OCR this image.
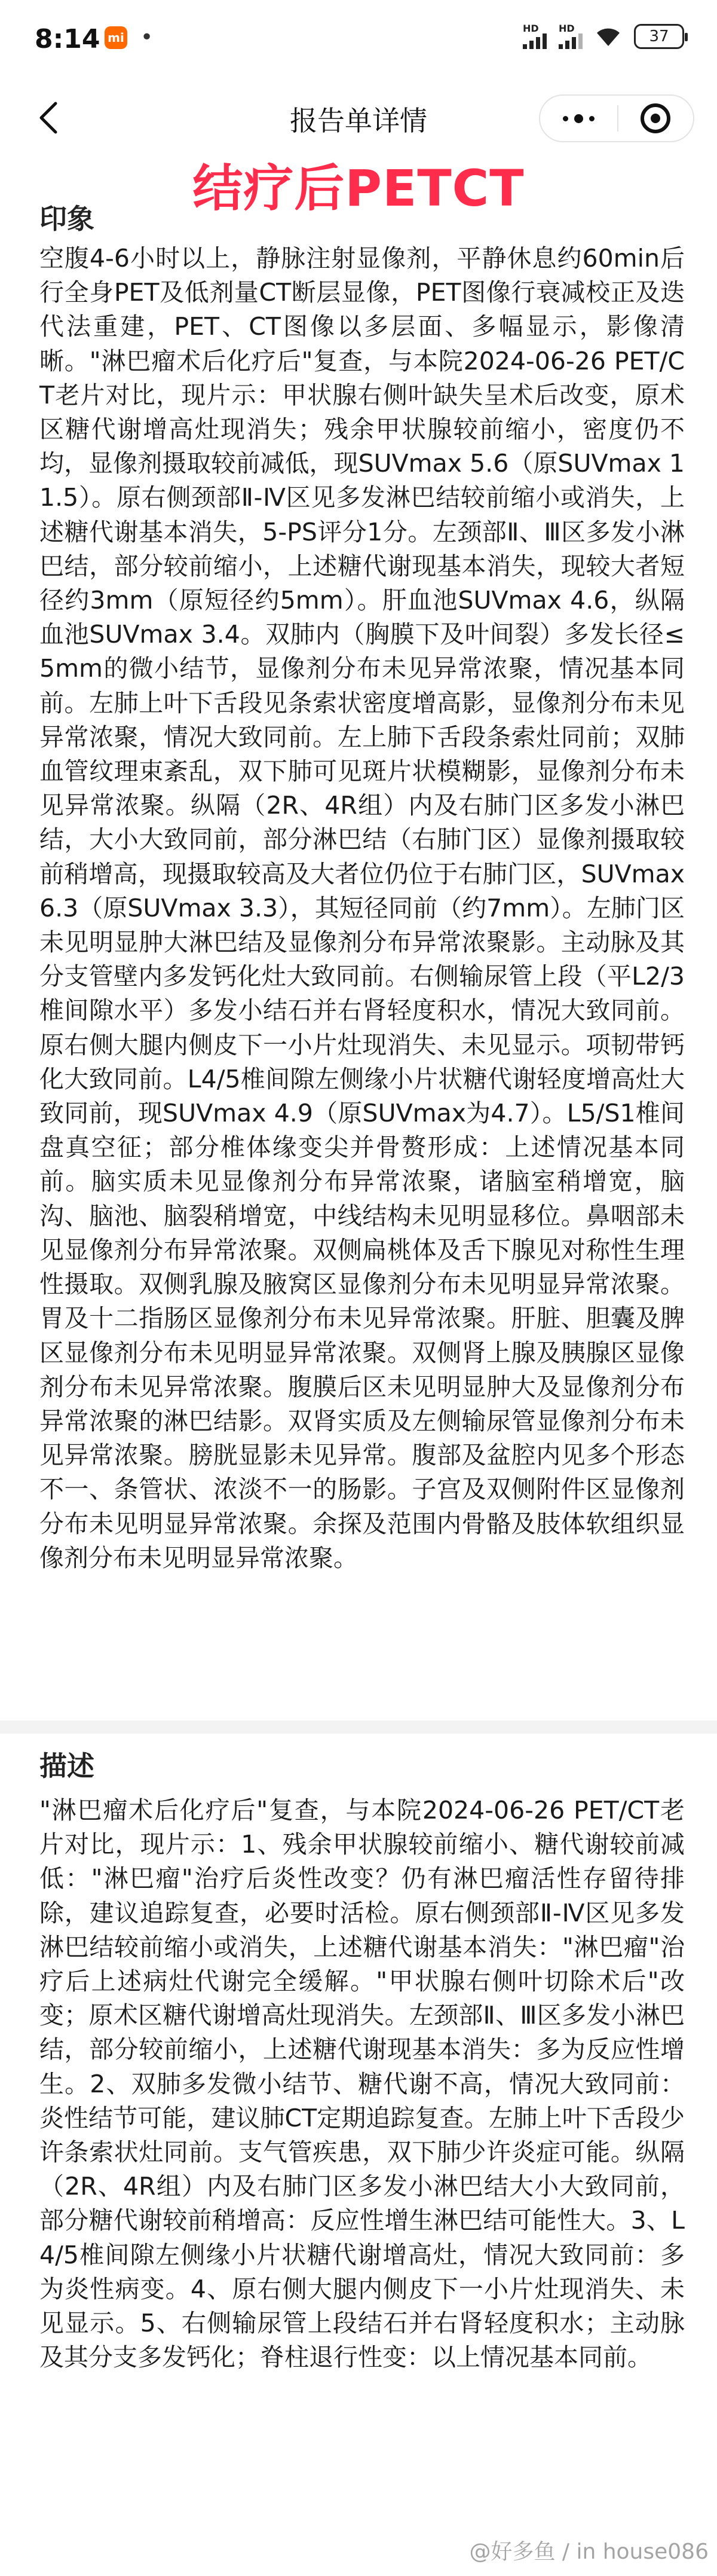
8:14 mi •	HD HD	37
报告单详情
结疗后PETCT
印象
空腹4-6小时以上，静脉注射显像剂，平静休息约60min后行全身PET及低剂量CT断层显像，PET图像行衰减校正及迭代法重建，PET、CT图像以多层面、多幅显示，影像清晰。"淋巴瘤术后化疗后"复查，与本院2024-06-26 PET/CT老片对比，现片示：甲状腺右侧叶缺失呈术后改变，原术区糖代谢增高灶现消失；残余甲状腺较前缩小，密度仍不均，显像剂摄取较前减低，现SUVmax 5.6（原SUVmax 11.5）。原右侧颈部Ⅱ-Ⅳ区见多发淋巴结较前缩小或消失，上述糖代谢基本消失，5-PS评分1分。左颈部Ⅱ、Ⅲ区多发小淋巴结，部分较前缩小，上述糖代谢现基本消失，现较大者短径约3mm（原短径约5mm）。肝血池SUVmax 4.6，纵隔血池SUVmax 3.4。双肺内（胸膜下及叶间裂）多发长径≤5mm的微小结节，显像剂分布未见异常浓聚，情况基本同前。左肺上叶下舌段见条索状密度增高影，显像剂分布未见异常浓聚，情况大致同前。左上肺下舌段条索灶同前；双肺血管纹理束紊乱，双下肺可见斑片状模糊影，显像剂分布未见异常浓聚。纵隔（2R、4R组）内及右肺门区多发小淋巴结，大小大致同前，部分淋巴结（右肺门区）显像剂摄取较前稍增高，现摄取较高及大者位仍位于右肺门区，SUVmax 6.3（原SUVmax 3.3），其短径同前（约7mm）。左肺门区未见明显肿大淋巴结及显像剂分布异常浓聚影。主动脉及其分支管壁内多发钙化灶大致同前。右侧输尿管上段（平L2/3椎间隙水平）多发小结石并右肾轻度积水，情况大致同前。原右侧大腿内侧皮下一小片灶现消失、未见显示。项韧带钙化大致同前。L4/5椎间隙左侧缘小片状糖代谢轻度增高灶大致同前，现SUVmax 4.9（原SUVmax为4.7）。L5/S1椎间盘真空征；部分椎体缘变尖并骨赘形成：上述情况基本同前。脑实质未见显像剂分布异常浓聚，诸脑室稍增宽，脑沟、脑池、脑裂稍增宽，中线结构未见明显移位。鼻咽部未见显像剂分布异常浓聚。双侧扁桃体及舌下腺见对称性生理性摄取。双侧乳腺及腋窝区显像剂分布未见明显异常浓聚。胃及十二指肠区显像剂分布未见异常浓聚。肝脏、胆囊及脾区显像剂分布未见明显异常浓聚。双侧肾上腺及胰腺区显像剂分布未见异常浓聚。腹膜后区未见明显肿大及显像剂分布异常浓聚的淋巴结影。双肾实质及左侧输尿管显像剂分布未见异常浓聚。膀胱显影未见异常。腹部及盆腔内见多个形态不一、条管状、浓淡不一的肠影。子宫及双侧附件区显像剂分布未见明显异常浓聚。余探及范围内骨骼及肢体软组织显像剂分布未见明显异常浓聚。
描述
"淋巴瘤术后化疗后"复查，与本院2024-06-26 PET/CT老片对比，现片示：1、残余甲状腺较前缩小、糖代谢较前减低："淋巴瘤"治疗后炎性改变？仍有淋巴瘤活性存留待排除，建议追踪复查，必要时活检。原右侧颈部Ⅱ-Ⅳ区见多发淋巴结较前缩小或消失，上述糖代谢基本消失："淋巴瘤"治疗后上述病灶代谢完全缓解。"甲状腺右侧叶切除术后"改变；原术区糖代谢增高灶现消失。左颈部Ⅱ、Ⅲ区多发小淋巴结，部分较前缩小，上述糖代谢现基本消失：多为反应性增生。2、双肺多发微小结节、糖代谢不高，情况大致同前：炎性结节可能，建议肺CT定期追踪复查。左肺上叶下舌段少许条索状灶同前。支气管疾患，双下肺少许炎症可能。纵隔（2R、4R组）内及右肺门区多发小淋巴结大小大致同前，部分糖代谢较前稍增高：反应性增生淋巴结可能性大。3、L4/5椎间隙左侧缘小片状糖代谢增高灶，情况大致同前：多为炎性病变。4、原右侧大腿内侧皮下一小片灶现消失、未见显示。5、右侧输尿管上段结石并右肾轻度积水；主动脉及其分支多发钙化；脊柱退行性变：以上情况基本同前。
@好多鱼 / in house086
